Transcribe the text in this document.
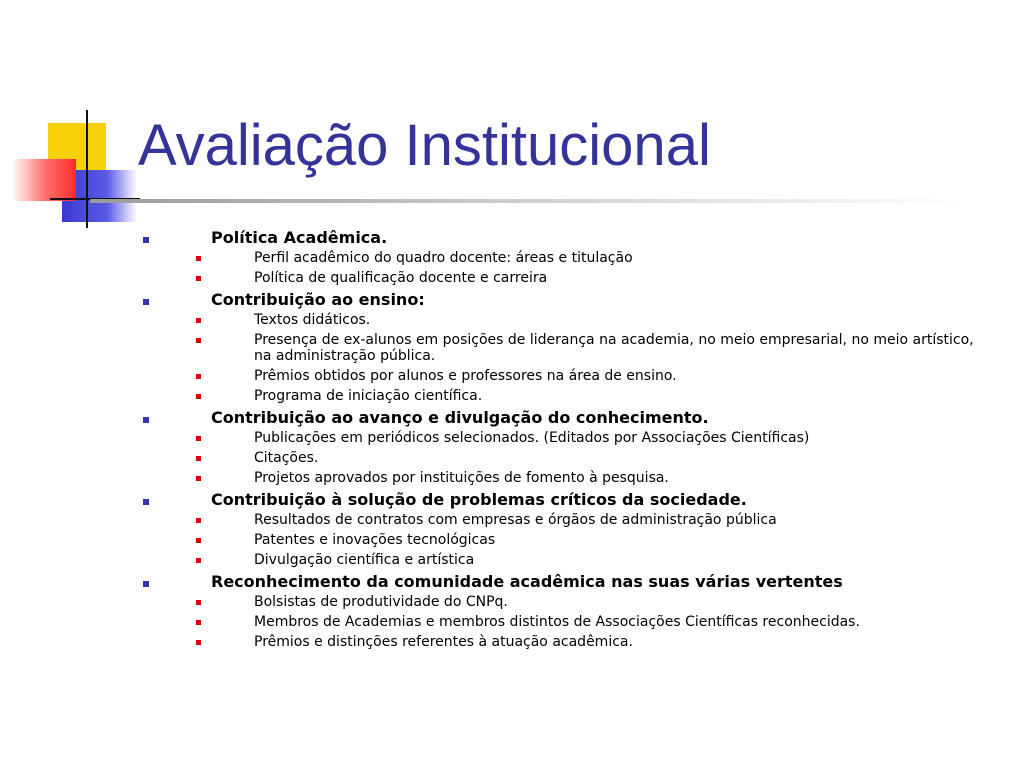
Avaliação Institucional
Política Acadêmica.
Perfil acadêmico do quadro docente: áreas e titulação
Política de qualificação docente e carreira
Contribuição ao ensino:
Textos didáticos.
Presença de ex-alunos em posições de liderança na academia, no meio empresarial, no meio artístico, na administração pública.
Prêmios obtidos por alunos e professores na área de ensino.
Programa de iniciação científica.
Contribuição ao avanço e divulgação do conhecimento.
Publicações em periódicos selecionados. (Editados por Associações Científicas)
Citações.
Projetos aprovados por instituições de fomento à pesquisa.
Contribuição à solução de problemas críticos da sociedade.
Resultados de contratos com empresas e órgãos de administração pública
Patentes e inovações tecnológicas
Divulgação científica e artística
Reconhecimento da comunidade acadêmica nas suas várias vertentes
Bolsistas de produtividade do CNPq.
Membros de Academias e membros distintos de Associações Científicas reconhecidas.
Prêmios e distinções referentes à atuação acadêmica.
